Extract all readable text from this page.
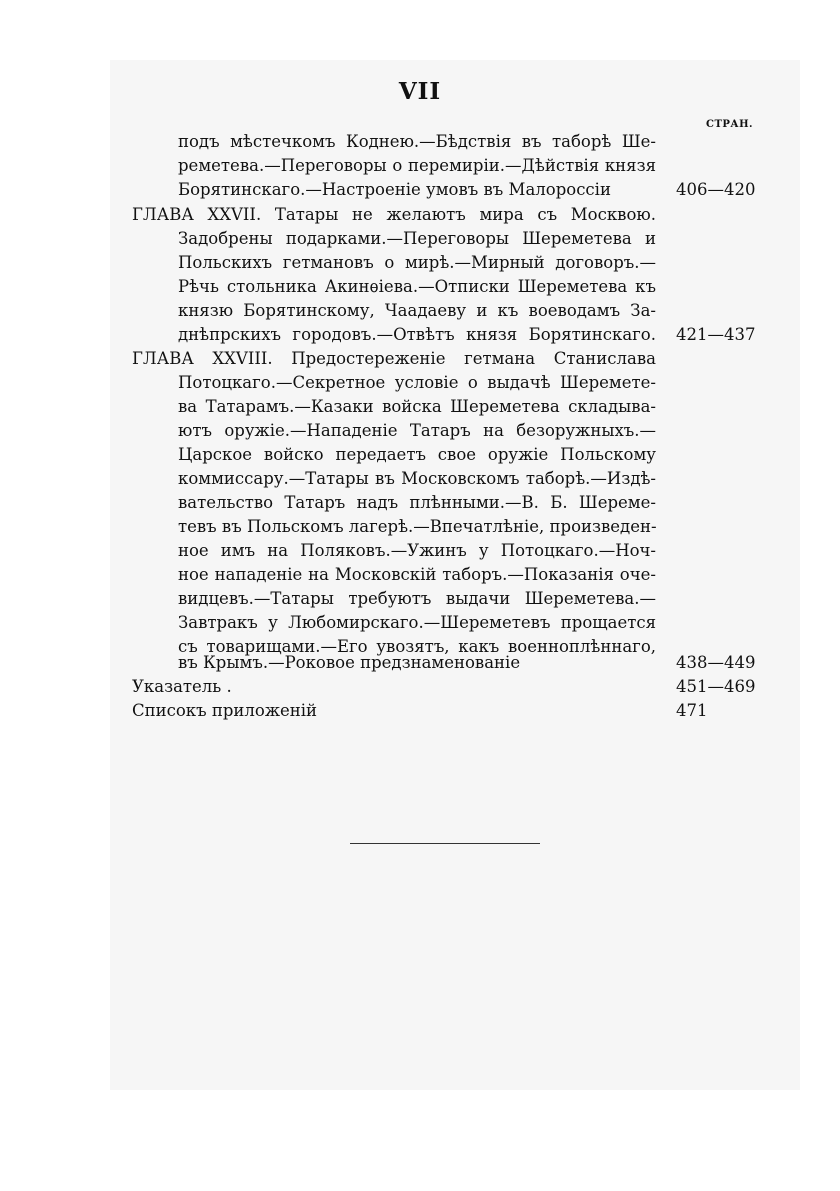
VII
СТРАН.
подъ мѣстечкомъ Коднею.—Бѣдствія въ таборѣ Ше-
реметева.—Переговоры о перемиріи.—Дѣйствія князя
Борятинскаго.—Настроеніе умовъ въ Малороссіи	406—420
ГЛАВА XXVII. Татары не желаютъ мира съ Москвою.
Задобрены подарками.—Переговоры Шереметева и
Польскихъ гетмановъ о мирѣ.—Мирный договоръ.—
Рѣчь стольника Акинѳіева.—Отписки Шереметева къ
князю Борятинскому, Чаадаеву и къ воеводамъ За-
днѣпрскихъ городовъ.—Отвѣтъ князя Борятинскаго. 421—437
ГЛАВА XXVIII. Предостереженіе гетмана Станислава
Потоцкаго.—Секретное условіе о выдачѣ Шеремете-
ва Татарамъ.—Казаки войска Шереметева складыва-
ютъ оружіе.—Нападеніе Татаръ на безоружныхъ.—
Царское войско передаетъ свое оружіе Польскому
коммиссару.—Татары въ Московскомъ таборѣ.—Издѣ-
вательство Татаръ надъ плѣнными.—В. Б. Шереме-
тевъ въ Польскомъ лагерѣ.—Впечатлѣніе, произведен-
ное имъ на Поляковъ.—Ужинъ у Потоцкаго.—Ноч-
ное нападеніе на Московскій таборъ.—Показанія оче-
видцевъ.—Татары требуютъ выдачи Шереметева.—
Завтракъ у Любомирскаго.—Шереметевъ прощается
съ товарищами.—Его увозятъ, какъ военноплѣннаго,
въ Крымъ.—Роковое предзнаменованіе	438—449
Указатель .	451—469
Списокъ приложеній	471
